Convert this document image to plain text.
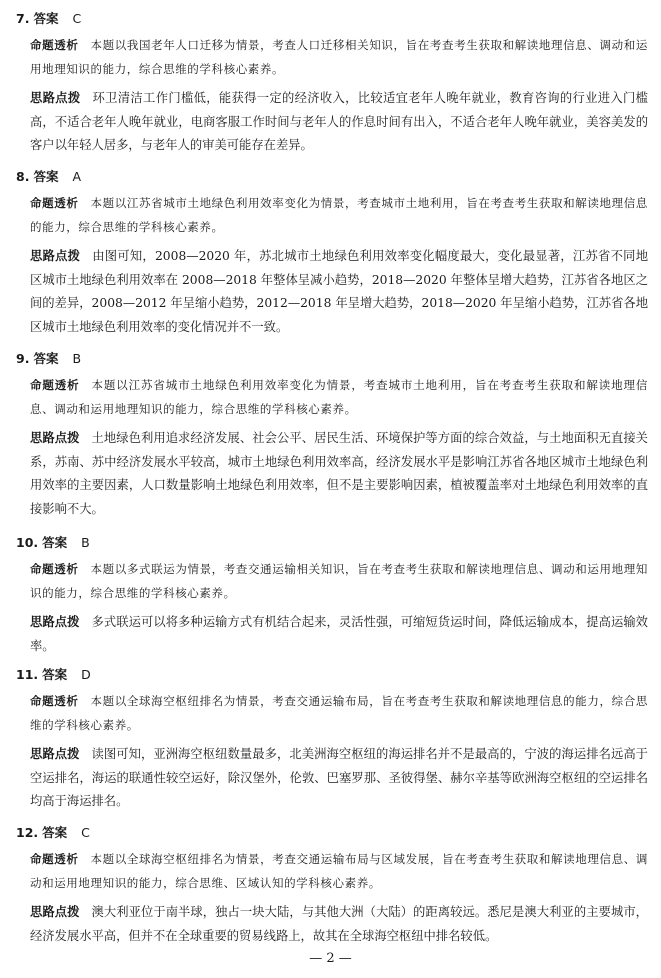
7. 答案 C
命题透析 本题以我国老年人口迁移为情景，考查人口迁移相关知识，旨在考查考生获取和解读地理信息、调动和运用地理知识的能力，综合思维的学科核心素养。
思路点拨 环卫清洁工作门槛低，能获得一定的经济收入，比较适宜老年人晚年就业，教育咨询的行业进入门槛高，不适合老年人晚年就业，电商客服工作时间与老年人的作息时间有出入，不适合老年人晚年就业，美容美发的客户以年轻人居多，与老年人的审美可能存在差异。
8. 答案 A
命题透析 本题以江苏省城市土地绿色利用效率变化为情景，考查城市土地利用，旨在考查考生获取和解读地理信息的能力，综合思维的学科核心素养。
思路点拨 由图可知，2008—2020 年，苏北城市土地绿色利用效率变化幅度最大，变化最显著，江苏省不同地区城市土地绿色利用效率在 2008—2018 年整体呈减小趋势，2018—2020 年整体呈增大趋势，江苏省各地区之间的差异，2008—2012 年呈缩小趋势，2012—2018 年呈增大趋势，2018—2020 年呈缩小趋势，江苏省各地区城市土地绿色利用效率的变化情况并不一致。
9. 答案 B
命题透析 本题以江苏省城市土地绿色利用效率变化为情景，考查城市土地利用，旨在考查考生获取和解读地理信息、调动和运用地理知识的能力，综合思维的学科核心素养。
思路点拨 土地绿色利用追求经济发展、社会公平、居民生活、环境保护等方面的综合效益，与土地面积无直接关系，苏南、苏中经济发展水平较高，城市土地绿色利用效率高，经济发展水平是影响江苏省各地区城市土地绿色利用效率的主要因素，人口数量影响土地绿色利用效率，但不是主要影响因素，植被覆盖率对土地绿色利用效率的直接影响不大。
10. 答案 B
命题透析 本题以多式联运为情景，考查交通运输相关知识，旨在考查考生获取和解读地理信息、调动和运用地理知识的能力，综合思维的学科核心素养。
思路点拨 多式联运可以将多种运输方式有机结合起来，灵活性强，可缩短货运时间，降低运输成本，提高运输效率。
11. 答案 D
命题透析 本题以全球海空枢纽排名为情景，考查交通运输布局，旨在考查考生获取和解读地理信息的能力，综合思维的学科核心素养。
思路点拨 读图可知，亚洲海空枢纽数量最多，北美洲海空枢纽的海运排名并不是最高的，宁波的海运排名远高于空运排名，海运的联通性较空运好，除汉堡外，伦敦、巴塞罗那、圣彼得堡、赫尔辛基等欧洲海空枢纽的空运排名均高于海运排名。
12. 答案 C
命题透析 本题以全球海空枢纽排名为情景，考查交通运输布局与区域发展，旨在考查考生获取和解读地理信息、调动和运用地理知识的能力，综合思维、区域认知的学科核心素养。
思路点拨 澳大利亚位于南半球，独占一块大陆，与其他大洲（大陆）的距离较远。悉尼是澳大利亚的主要城市，经济发展水平高，但并不在全球重要的贸易线路上，故其在全球海空枢纽中排名较低。
— 2 —
